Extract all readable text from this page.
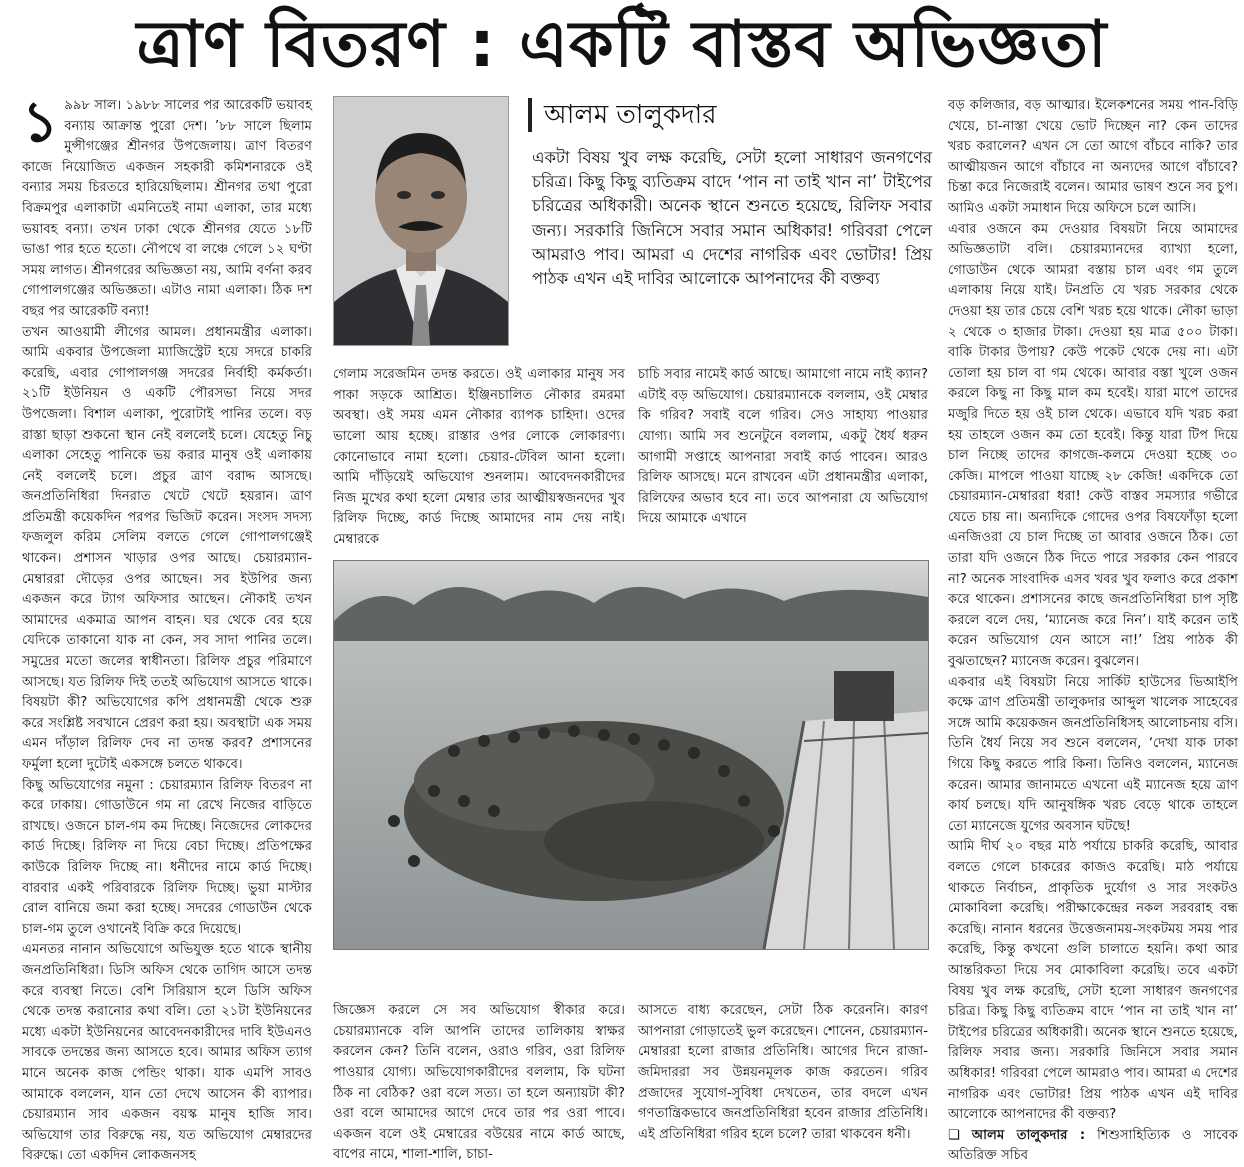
ত্রাণ বিতরণ : একটি বাস্তব অভিজ্ঞতা
১ ৯৯৮ সাল। ১৯৮৮ সালের পর আরেকটি ভয়াবহ বন্যায় আক্রান্ত পুরো দেশ। ’৮৮ সালে ছিলাম মুন্সীগঞ্জের শ্রীনগর উপজেলায়। ত্রাণ বিতরণ কাজে নিয়োজিত একজন সহকারী কমিশনারকে ওই বন্যার সময় চিরতরে হারিয়েছিলাম। শ্রীনগর তথা পুরো বিক্রমপুর এলাকাটা এমনিতেই নামা এলাকা, তার মধ্যে ভয়াবহ বন্যা। তখন ঢাকা থেকে শ্রীনগর যেতে ১৮টি ভাঙা পার হতে হতো। নৌপথে বা লঞ্চে গেলে ১২ ঘণ্টা সময় লাগত। শ্রীনগরের অভিজ্ঞতা নয়, আমি বর্ণনা করব গোপালগঞ্জের অভিজ্ঞতা। এটাও নামা এলাকা। ঠিক দশ বছর পর আরেকটি বন্যা!

তখন আওয়ামী লীগের আমল। প্রধানমন্ত্রীর এলাকা। আমি একবার উপজেলা ম্যাজিস্ট্রেট হয়ে সদরে চাকরি করেছি, এবার গোপালগঞ্জ সদরের নির্বাহী কর্মকর্তা। ২১টি ইউনিয়ন ও একটি পৌরসভা নিয়ে সদর উপজেলা। বিশাল এলাকা, পুরোটাই পানির তলে। বড় রাস্তা ছাড়া শুকনো স্থান নেই বললেই চলে। যেহেতু নিচু এলাকা সেহেতু পানিকে ভয় করার মানুষ ওই এলাকায় নেই বললেই চলে। প্রচুর ত্রাণ বরাদ্দ আসছে। জনপ্রতিনিধিরা দিনরাত খেটে খেটে হয়রান। ত্রাণ প্রতিমন্ত্রী কয়েকদিন পরপর ভিজিট করেন। সংসদ সদস্য ফজলুল করিম সেলিম বলতে গেলে গোপালগঞ্জেই থাকেন। প্রশাসন খাড়ার ওপর আছে। চেয়ারম্যান-মেম্বাররা দৌড়ের ওপর আছেন। সব ইউপির জন্য একজন করে ট্যাগ অফিসার আছেন। নৌকাই তখন আমাদের একমাত্র আপন বাহন। ঘর থেকে বের হয়ে যেদিকে তাকানো যাক না কেন, সব সাদা পানির তলে। সমুদ্রের মতো জলের স্বাধীনতা। রিলিফ প্রচুর পরিমাণে আসছে। যত রিলিফ দিই ততই অভিযোগ আসতে থাকে। বিষয়টা কী? অভিযোগের কপি প্রধানমন্ত্রী থেকে শুরু করে সংশ্লিষ্ট সবখানে প্রেরণ করা হয়। অবস্থাটা এক সময় এমন দাঁড়াল রিলিফ দেব না তদন্ত করব? প্রশাসনের ফর্মুলা হলো দুটোই একসঙ্গে চলতে থাকবে।

কিছু অভিযোগের নমুনা : চেয়ারম্যান রিলিফ বিতরণ না করে ঢাকায়। গোডাউনে গম না রেখে নিজের বাড়িতে রাখছে। ওজনে চাল-গম কম দিচ্ছে। নিজেদের লোকদের কার্ড দিচ্ছে। রিলিফ না দিয়ে বেচা দিচ্ছে। প্রতিপক্ষের কাউকে রিলিফ দিচ্ছে না। ধনীদের নামে কার্ড দিচ্ছে। বারবার একই পরিবারকে রিলিফ দিচ্ছে। ভুয়া মাস্টার রোল বানিয়ে জমা করা হচ্ছে। সদরের গোডাউন থেকে চাল-গম তুলে ওখানেই বিক্রি করে দিয়েছে।

এমনতর নানান অভিযোগে অভিযুক্ত হতে থাকে স্থানীয় জনপ্রতিনিধিরা। ডিসি অফিস থেকে তাগিদ আসে তদন্ত করে ব্যবস্থা নিতে। বেশি সিরিয়াস হলে ডিসি অফিস থেকে তদন্ত করানোর কথা বলি। তো ২১টা ইউনিয়নের মধ্যে একটা ইউনিয়নের আবেদনকারীদের দাবি ইউএনও সাবকে তদন্তের জন্য আসতে হবে। আমার অফিস ত্যাগ মানে অনেক কাজ পেন্ডিং থাকা। যাক এমপি সাবও আমাকে বললেন, যান তো দেখে আসেন কী ব্যাপার। চেয়ারম্যান সাব একজন বয়স্ক মানুষ হাজি সাব। অভিযোগ তার বিরুদ্ধে নয়, যত অভিযোগ মেম্বারদের বিরুদ্ধে। তো একদিন লোকজনসহ

আলম তালুকদার
একটা বিষয় খুব লক্ষ করেছি, সেটা হলো সাধারণ জনগণের চরিত্র। কিছু কিছু ব্যতিক্রম বাদে ‘পান না তাই খান না’ টাইপের চরিত্রের অধিকারী। অনেক স্থানে শুনতে হয়েছে, রিলিফ সবার জন্য। সরকারি জিনিসে সবার সমান অধিকার! গরিবরা পেলে আমরাও পাব। আমরা এ দেশের নাগরিক এবং ভোটার! প্রিয় পাঠক এখন এই দাবির আলোকে আপনাদের কী বক্তব্য

গেলাম সরেজমিন তদন্ত করতে। ওই এলাকার মানুষ সব পাকা সড়কে আশ্রিত। ইঞ্জিনচালিত নৌকার রমরমা অবস্থা। ওই সময় এমন নৌকার ব্যাপক চাহিদা। ওদের ভালো আয় হচ্ছে। রাস্তার ওপর লোকে লোকারণ্য। কোনোভাবে নামা হলো। চেয়ার-টেবিল আনা হলো। আমি দাঁড়িয়েই অভিযোগ শুনলাম। আবেদনকারীদের নিজ মুখের কথা হলো মেম্বার তার আত্মীয়স্বজনদের খুব রিলিফ দিচ্ছে, কার্ড দিচ্ছে আমাদের নাম দেয় নাই। মেম্বারকে

চাচি সবার নামেই কার্ড আছে। আমাগো নামে নাই ক্যান? এটাই বড় অভিযোগ। চেয়ারম্যানকে বললাম, ওই মেম্বার কি গরিব? সবাই বলে গরিব। সেও সাহায্য পাওয়ার যোগ্য। আমি সব শুনেটুনে বললাম, একটু ধৈর্য ধরুন আগামী সপ্তাহে আপনারা সবাই কার্ড পাবেন। আরও রিলিফ আসছে। মনে রাখবেন এটা প্রধানমন্ত্রীর এলাকা, রিলিফের অভাব হবে না। তবে আপনারা যে অভিযোগ দিয়ে আমাকে এখানে

জিজ্ঞেস করলে সে সব অভিযোগ স্বীকার করে। চেয়ারম্যানকে বলি আপনি তাদের তালিকায় স্বাক্ষর করলেন কেন? তিনি বলেন, ওরাও গরিব, ওরা রিলিফ পাওয়ার যোগ্য। অভিযোগকারীদের বললাম, কি ঘটনা ঠিক না বেঠিক? ওরা বলে সত্য। তা হলে অন্যায়টা কী? ওরা বলে আমাদের আগে দেবে তার পর ওরা পাবে। একজন বলে ওই মেম্বারের বউয়ের নামে কার্ড আছে, বাপের নামে, শালা-শালি, চাচা-

আসতে বাধ্য করেছেন, সেটা ঠিক করেননি। কারণ আপনারা গোড়াতেই ভুল করেছেন। শোনেন, চেয়ারম্যান-মেম্বাররা হলো রাজার প্রতিনিধি। আগের দিনে রাজা-জমিদাররা সব উন্নয়নমূলক কাজ করতেন। গরিব প্রজাদের সুযোগ-সুবিধা দেখতেন, তার বদলে এখন গণতান্ত্রিকভাবে জনপ্রতিনিধিরা হবেন রাজার প্রতিনিধি। এই প্রতিনিধিরা গরিব হলে চলে? তারা থাকবেন ধনী।

বড় কলিজার, বড় আত্মার। ইলেকশনের সময় পান-বিড়ি খেয়ে, চা-নাস্তা খেয়ে ভোট দিচ্ছেন না? কেন তাদের খরচ করালেন? এখন সে তো আগে বাঁচবে নাকি? তার আত্মীয়জন আগে বাঁচাবে না অন্যদের আগে বাঁচাবে? চিন্তা করে নিজেরাই বলেন। আমার ভাষণ শুনে সব চুপ। আমিও একটা সমাধান দিয়ে অফিসে চলে আসি।

এবার ওজনে কম দেওয়ার বিষয়টা নিয়ে আমাদের অভিজ্ঞতাটা বলি। চেয়ারম্যানদের ব্যাখ্যা হলো, গোডাউন থেকে আমরা বস্তায় চাল এবং গম তুলে এলাকায় নিয়ে যাই। টনপ্রতি যে খরচ সরকার থেকে দেওয়া হয় তার চেয়ে বেশি খরচ হয়ে থাকে। নৌকা ভাড়া ২ থেকে ৩ হাজার টাকা। দেওয়া হয় মাত্র ৫০০ টাকা। বাকি টাকার উপায়? কেউ পকেট থেকে দেয় না। এটা তোলা হয় চাল বা গম থেকে। আবার বস্তা খুলে ওজন করলে কিছু না কিছু মাল কম হবেই। যারা মাপে তাদের মজুরি দিতে হয় ওই চাল থেকে। এভাবে যদি খরচ করা হয় তাহলে ওজন কম তো হবেই। কিন্তু যারা টিপ দিয়ে চাল নিচ্ছে তাদের কাগজে-কলমে দেওয়া হচ্ছে ৩০ কেজি। মাপলে পাওয়া যাচ্ছে ২৮ কেজি! একদিকে তো চেয়ারম্যান-মেম্বাররা ধরা! কেউ বাস্তব সমস্যার গভীরে যেতে চায় না। অন্যদিকে গোদের ওপর বিষফোঁড়া হলো এনজিওরা যে চাল দিচ্ছে তা আবার ওজনে ঠিক। তো তারা যদি ওজনে ঠিক দিতে পারে সরকার কেন পারবে না? অনেক সাংবাদিক এসব খবর খুব ফলাও করে প্রকাশ করে থাকেন। প্রশাসনের কাছে জনপ্রতিনিধিরা চাপ সৃষ্টি করলে বলে দেয়, ‘ম্যানেজ করে নিন’। যাই করেন তাই করেন অভিযোগ যেন আসে না!’ প্রিয় পাঠক কী বুঝতাছেন? ম্যানেজ করেন। বুঝলেন।

একবার এই বিষয়টা নিয়ে সার্কিট হাউসের ভিআইপি কক্ষে ত্রাণ প্রতিমন্ত্রী তালুকদার আব্দুল খালেক সাহেবের সঙ্গে আমি কয়েকজন জনপ্রতিনিধিসহ আলোচনায় বসি। তিনি ধৈর্য নিয়ে সব শুনে বললেন, ‘দেখা যাক ঢাকা গিয়ে কিছু করতে পারি কিনা। তিনিও বললেন, ম্যানেজ করেন। আমার জানামতে এখনো এই ম্যানেজ হয়ে ত্রাণ কার্য চলছে। যদি আনুষঙ্গিক খরচ বেড়ে থাকে তাহলে তো ম্যানেজে যুগের অবসান ঘটছে!

আমি দীর্ঘ ২০ বছর মাঠ পর্যায়ে চাকরি করেছি, আবার বলতে গেলে চাকরের কাজও করেছি। মাঠ পর্যায়ে থাকতে নির্বাচন, প্রাকৃতিক দুর্যোগ ও সার সংকটও মোকাবিলা করেছি। পরীক্ষাকেন্দ্রের নকল সরবরাহ বন্ধ করেছি। নানান ধরনের উত্তেজনাময়-সংকটময় সময় পার করেছি, কিন্তু কখনো গুলি চালাতে হয়নি। কথা আর আন্তরিকতা দিয়ে সব মোকাবিলা করেছি। তবে একটা বিষয় খুব লক্ষ করেছি, সেটা হলো সাধারণ জনগণের চরিত্র। কিছু কিছু ব্যতিক্রম বাদে ‘পান না তাই খান না’ টাইপের চরিত্রের অধিকারী। অনেক স্থানে শুনতে হয়েছে, রিলিফ সবার জন্য। সরকারি জিনিসে সবার সমান অধিকার! গরিবরা পেলে আমরাও পাব। আমরা এ দেশের নাগরিক এবং ভোটার! প্রিয় পাঠক এখন এই দাবির আলোকে আপনাদের কী বক্তব্য?

❑ আলম তালুকদার : শিশুসাহিত্যিক ও সাবেক অতিরিক্ত সচিব
